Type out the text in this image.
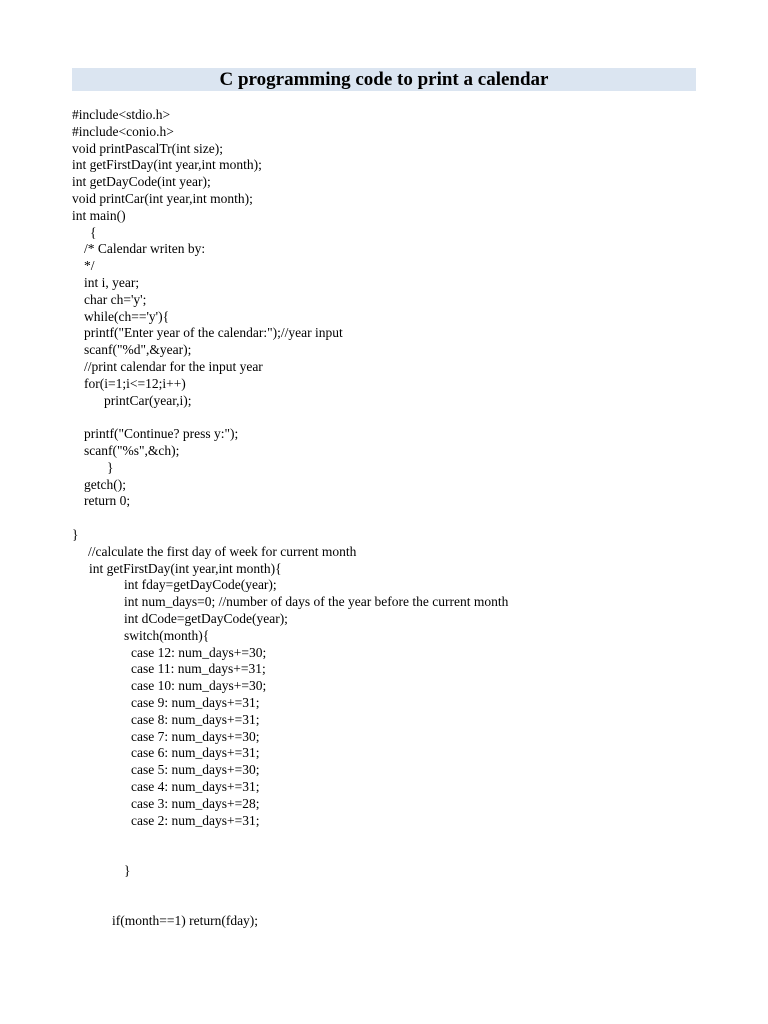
C programming code to print a calendar
#include<stdio.h>
#include<conio.h>
void printPascalTr(int size);
int getFirstDay(int year,int month);
int getDayCode(int year);
void printCar(int year,int month);
int main()
{
/* Calendar writen by:
*/
int i, year;
char ch='y';
while(ch=='y'){
printf("Enter year of the calendar:");//year input
scanf("%d",&year);
//print calendar for the input year
for(i=1;i<=12;i++)
printCar(year,i);
printf("Continue? press y:");
scanf("%s",&ch);
}
getch();
return 0;
}
//calculate the first day of week for current month
int getFirstDay(int year,int month){
int fday=getDayCode(year);
int num_days=0; //number of days of the year before the current month
int dCode=getDayCode(year);
switch(month){
case 12: num_days+=30;
case 11: num_days+=31;
case 10: num_days+=30;
case 9: num_days+=31;
case 8: num_days+=31;
case 7: num_days+=30;
case 6: num_days+=31;
case 5: num_days+=30;
case 4: num_days+=31;
case 3: num_days+=28;
case 2: num_days+=31;
}
if(month==1) return(fday);
